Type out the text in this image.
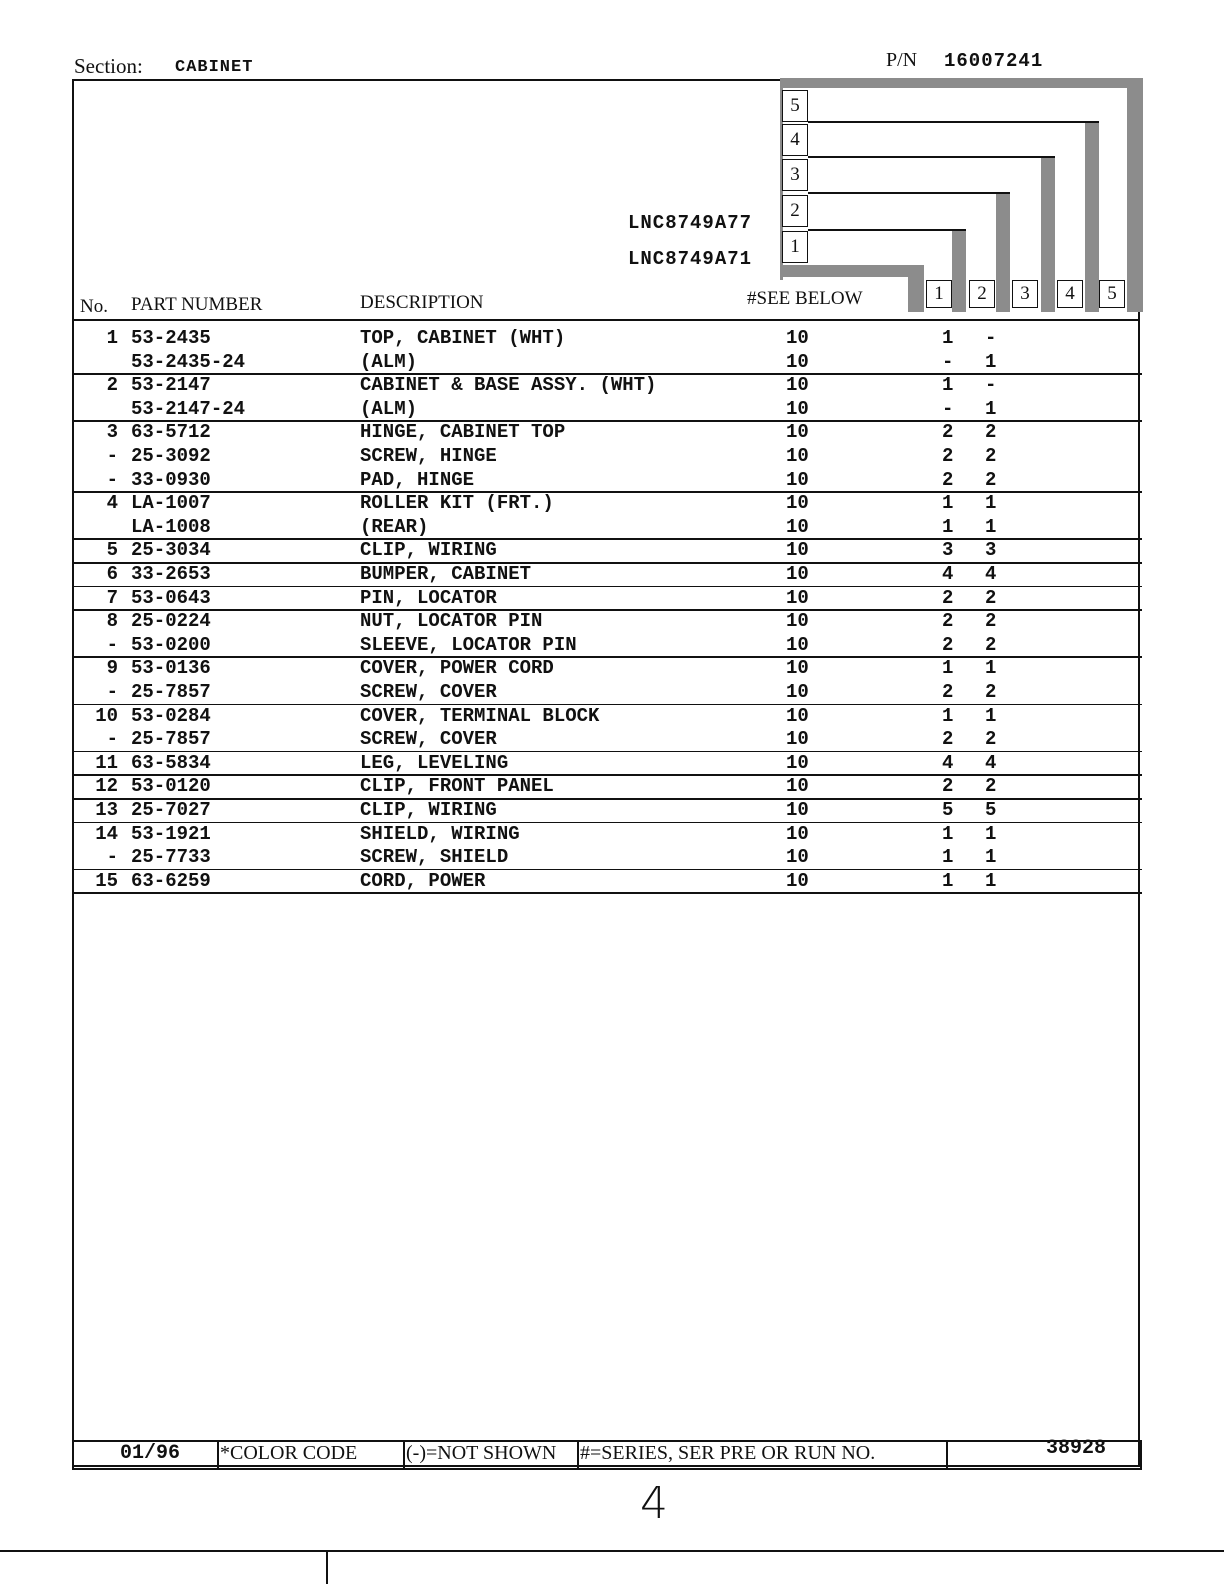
Section: CABINET	P/N 16007241
LNC8749A77
LNC8749A71
5
4
3
2
1
1	2	3	4	5
No. PART NUMBER	DESCRIPTION	#SEE BELOW
1 53-2435	TOP, CABINET (WHT)	10	1 -
53-2435-24	(ALM)	10	- 1
2 53-2147	CABINET & BASE ASSY. (WHT)	10	1 -
53-2147-24	(ALM)	10	- 1
3 63-5712	HINGE, CABINET TOP	10	2 2
- 25-3092	SCREW, HINGE	10	2 2
- 33-0930	PAD, HINGE	10	2 2
4 LA-1007	ROLLER KIT (FRT.)	10	1 1
LA-1008	(REAR)	10	1 1
5 25-3034	CLIP, WIRING	10	3 3
6 33-2653	BUMPER, CABINET	10	4 4
7 53-0643	PIN, LOCATOR	10	2 2
8 25-0224	NUT, LOCATOR PIN	10	2 2
- 53-0200	SLEEVE, LOCATOR PIN	10	2 2
9 53-0136	COVER, POWER CORD	10	1 1
- 25-7857	SCREW, COVER	10	2 2
10 53-0284	COVER, TERMINAL BLOCK	10	1 1
- 25-7857	SCREW, COVER	10	2 2
11 63-5834	LEG, LEVELING	10	4 4
12 53-0120	CLIP, FRONT PANEL	10	2 2
13 25-7027	CLIP, WIRING	10	5 5
14 53-1921	SHIELD, WIRING	10	1 1
- 25-7733	SCREW, SHIELD	10	1 1
15 63-6259	CORD, POWER	10	1 1
01/96 *COLOR CODE (-)=NOT SHOWN #=SERIES, SER PRE OR RUN NO.	38928
4
